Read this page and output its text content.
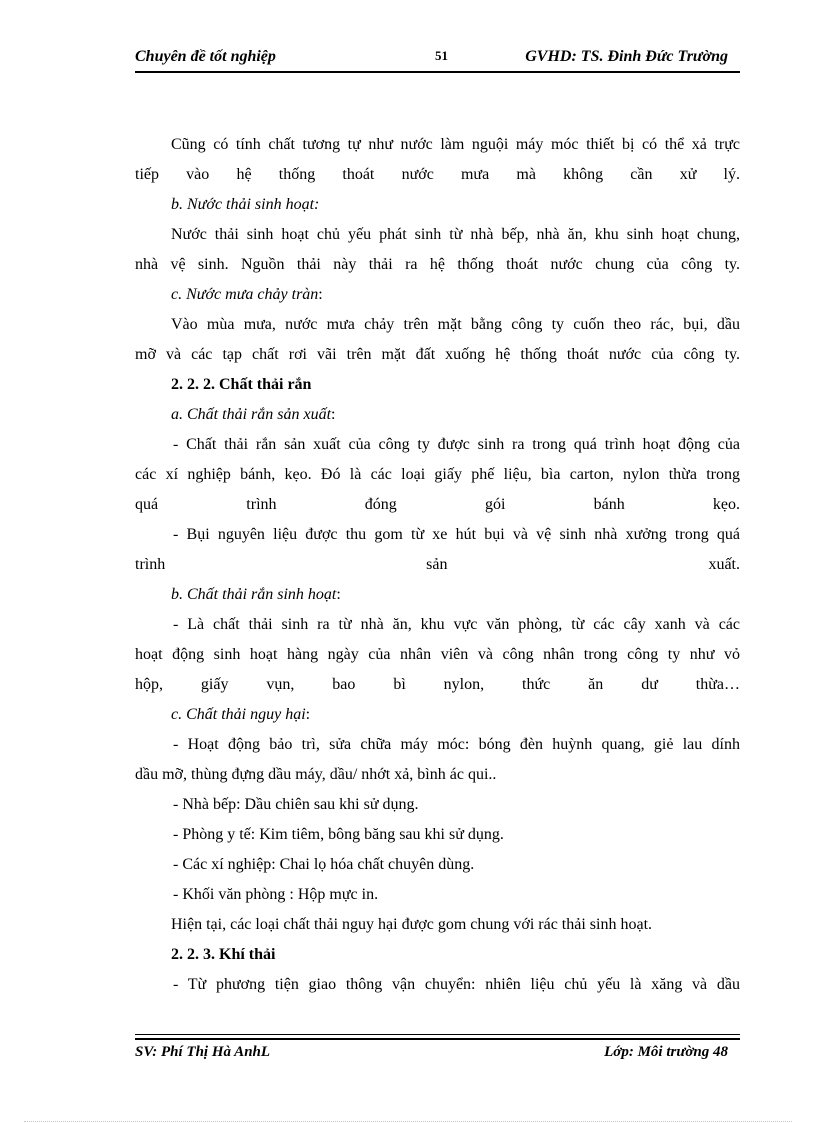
Chuyên đề tốt nghiệp	51	GVHD: TS. Đinh Đức Trường
Cũng có tính chất tương tự như nước làm nguội máy móc thiết bị có thể xả trực
tiếp vào hệ thống thoát nước mưa mà không cần xử lý.
b. Nước thải sinh hoạt:
Nước thải sinh hoạt chủ yếu phát sinh từ nhà bếp, nhà ăn, khu sinh hoạt chung,
nhà vệ sinh. Nguồn thải này thải ra hệ thống thoát nước chung của công ty.
c. Nước mưa chảy tràn:
Vào mùa mưa, nước mưa chảy trên mặt bằng công ty cuốn theo rác, bụi, dầu
mỡ và các tạp chất rơi vãi trên mặt đất xuống hệ thống thoát nước của công ty.
2. 2. 2. Chất thải rắn
a. Chất thải rắn sản xuất:
- Chất thải rắn sản xuất của công ty được sinh ra trong quá trình hoạt động của
các xí nghiệp bánh, kẹo. Đó là các loại giấy phế liệu, bìa carton, nylon thừa trong
quá trình đóng gói bánh kẹo.
- Bụi nguyên liệu được thu gom từ xe hút bụi và vệ sinh nhà xưởng trong quá
trình sản xuất.
b. Chất thải rắn sinh hoạt:
- Là chất thải sinh ra từ nhà ăn, khu vực văn phòng, từ các cây xanh và các
hoạt động sinh hoạt hàng ngày của nhân viên và công nhân trong công ty như vỏ
hộp, giấy vụn, bao bì nylon, thức ăn dư thừa…
c. Chất thải nguy hại:
- Hoạt động bảo trì, sửa chữa máy móc: bóng đèn huỳnh quang, giẻ lau dính
dầu mỡ, thùng đựng dầu máy, dầu/ nhớt xả, bình ác qui..
- Nhà bếp: Dầu chiên sau khi sử dụng.
- Phòng y tế: Kim tiêm, bông băng sau khi sử dụng.
- Các xí nghiệp: Chai lọ hóa chất chuyên dùng.
- Khối văn phòng : Hộp mực in.
Hiện tại, các loại chất thải nguy hại được gom chung với rác thải sinh hoạt.
2. 2. 3. Khí thải
- Từ phương tiện giao thông vận chuyển: nhiên liệu chủ yếu là xăng và dầu
SV: Phí Thị Hà AnhL	Lớp: Môi trường 48
